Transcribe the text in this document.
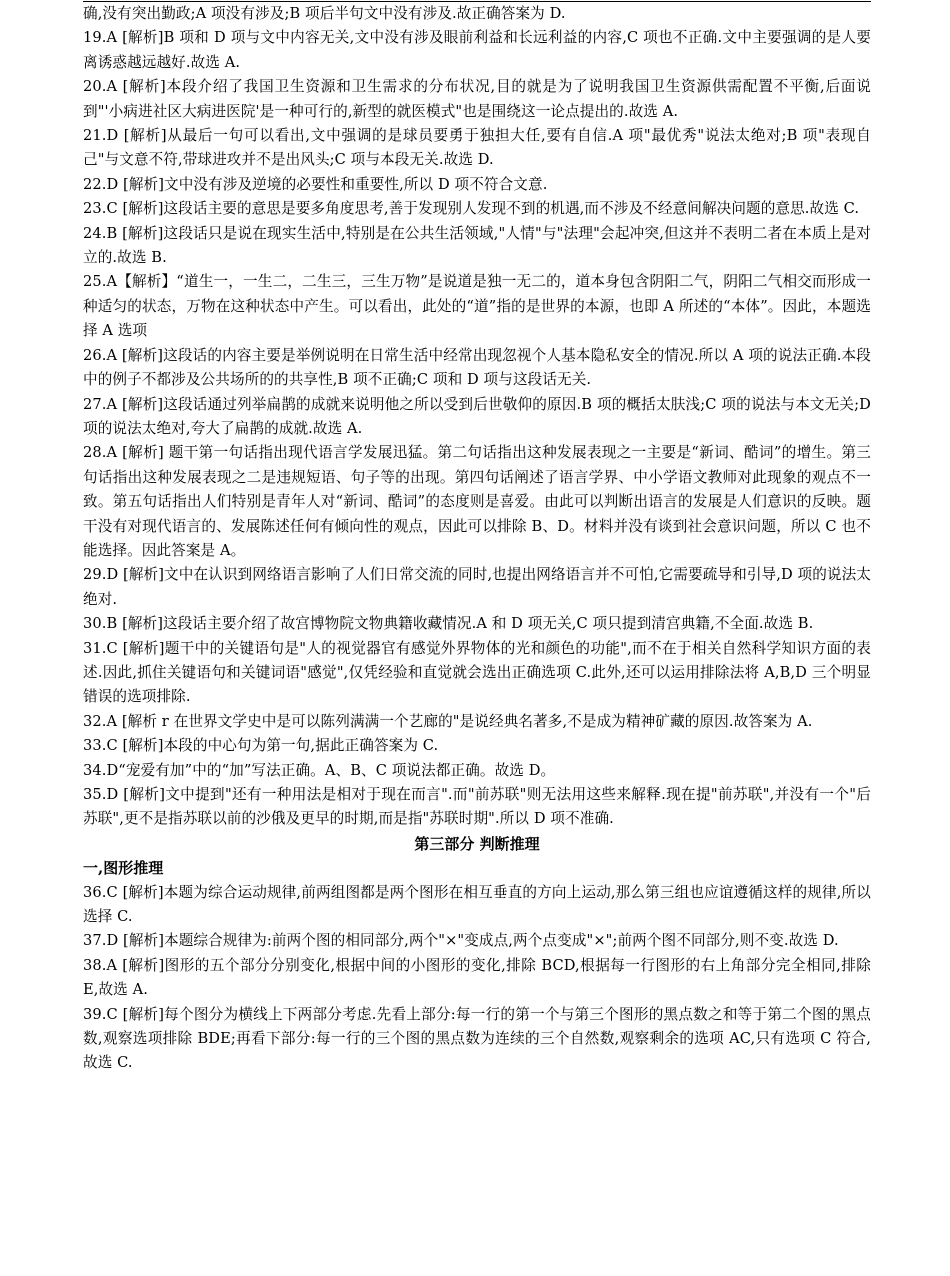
确,没有突出勤政;A 项没有涉及;B 项后半句文中没有涉及.故正确答案为 D.

19.A [解析]B 项和 D 项与文中内容无关,文中没有涉及眼前利益和长远利益的内容,C 项也不正确.文中主要强调的是人要离诱惑越远越好.故选 A.

20.A [解析]本段介绍了我国卫生资源和卫生需求的分布状况,目的就是为了说明我国卫生资源供需配置不平衡,后面说到"'小病进社区大病进医院'是一种可行的,新型的就医模式"也是围绕这一论点提出的.故选 A.

21.D [解析]从最后一句可以看出,文中强调的是球员要勇于独担大任,要有自信.A 项"最优秀"说法太绝对;B 项"表现自己"与文意不符,带球进攻并不是出风头;C 项与本段无关.故选 D.

22.D [解析]文中没有涉及逆境的必要性和重要性,所以 D 项不符合文意.

23.C [解析]这段话主要的意思是要多角度思考,善于发现别人发现不到的机遇,而不涉及不经意间解决问题的意思.故选 C.

24.B [解析]这段话只是说在现实生活中,特别是在公共生活领域,"人情"与"法理"会起冲突,但这并不表明二者在本质上是对立的.故选 B.

25.A【解析】“道生一，一生二，二生三，三生万物”是说道是独一无二的，道本身包含阴阳二气，阴阳二气相交而形成一种适匀的状态，万物在这种状态中产生。可以看出，此处的“道”指的是世界的本源，也即 A 所述的“本体”。因此，本题选择 A 选项

26.A [解析]这段话的内容主要是举例说明在日常生活中经常出现忽视个人基本隐私安全的情况.所以 A 项的说法正确.本段中的例子不都涉及公共场所的的共享性,B 项不正确;C 项和 D 项与这段话无关.

27.A [解析]这段话通过列举扁鹊的成就来说明他之所以受到后世敬仰的原因.B 项的概括太肤浅;C 项的说法与本文无关;D 项的说法太绝对,夸大了扁鹊的成就.故选 A.

28.A [解析] 题干第一句话指出现代语言学发展迅猛。第二句话指出这种发展表现之一主要是“新词、酷词”的增生。第三句话指出这种发展表现之二是违规短语、句子等的出现。第四句话阐述了语言学界、中小学语文教师对此现象的观点不一致。第五句话指出人们特别是青年人对“新词、酷词”的态度则是喜爱。由此可以判断出语言的发展是人们意识的反映。题干没有对现代语言的、发展陈述任何有倾向性的观点，因此可以排除 B、D。材料并没有谈到社会意识问题，所以 C 也不能选择。因此答案是 A。

29.D [解析]文中在认识到网络语言影响了人们日常交流的同时,也提出网络语言并不可怕,它需要疏导和引导,D 项的说法太绝对.

30.B [解析]这段话主要介绍了故宫博物院文物典籍收藏情况.A 和 D 项无关,C 项只提到清宫典籍,不全面.故选 B.

31.C [解析]题干中的关键语句是"人的视觉器官有感觉外界物体的光和颜色的功能",而不在于相关自然科学知识方面的表述.因此,抓住关键语句和关键词语"感觉",仅凭经验和直觉就会选出正确选项 C.此外,还可以运用排除法将 A,B,D 三个明显错误的选项排除.

32.A [解析 r 在世界文学史中是可以陈列满满一个艺廊的"是说经典名著多,不是成为精神矿藏的原因.故答案为 A.

33.C [解析]本段的中心句为第一句,据此正确答案为 C.

34.D“宠爱有加”中的“加”写法正确。A、B、C 项说法都正确。故选 D。

35.D [解析]文中提到"还有一种用法是相对于现在而言".而"前苏联"则无法用这些来解释.现在提"前苏联",并没有一个"后苏联",更不是指苏联以前的沙俄及更早的时期,而是指"苏联时期".所以 D 项不准确.

第三部分 判断推理

一,图形推理

36.C [解析]本题为综合运动规律,前两组图都是两个图形在相互垂直的方向上运动,那么第三组也应谊遵循这样的规律,所以选择 C.

37.D [解析]本题综合规律为:前两个图的相同部分,两个"×"变成点,两个点变成"×";前两个图不同部分,则不变.故选 D.

38.A [解析]图形的五个部分分别变化,根据中间的小图形的变化,排除 BCD,根据每一行图形的右上角部分完全相同,排除 E,故选 A.

39.C [解析]每个图分为横线上下两部分考虑.先看上部分:每一行的第一个与第三个图形的黑点数之和等于第二个图的黑点数,观察选项排除 BDE;再看下部分:每一行的三个图的黑点数为连续的三个自然数,观察剩余的选项 AC,只有选项 C 符合,故选 C.
